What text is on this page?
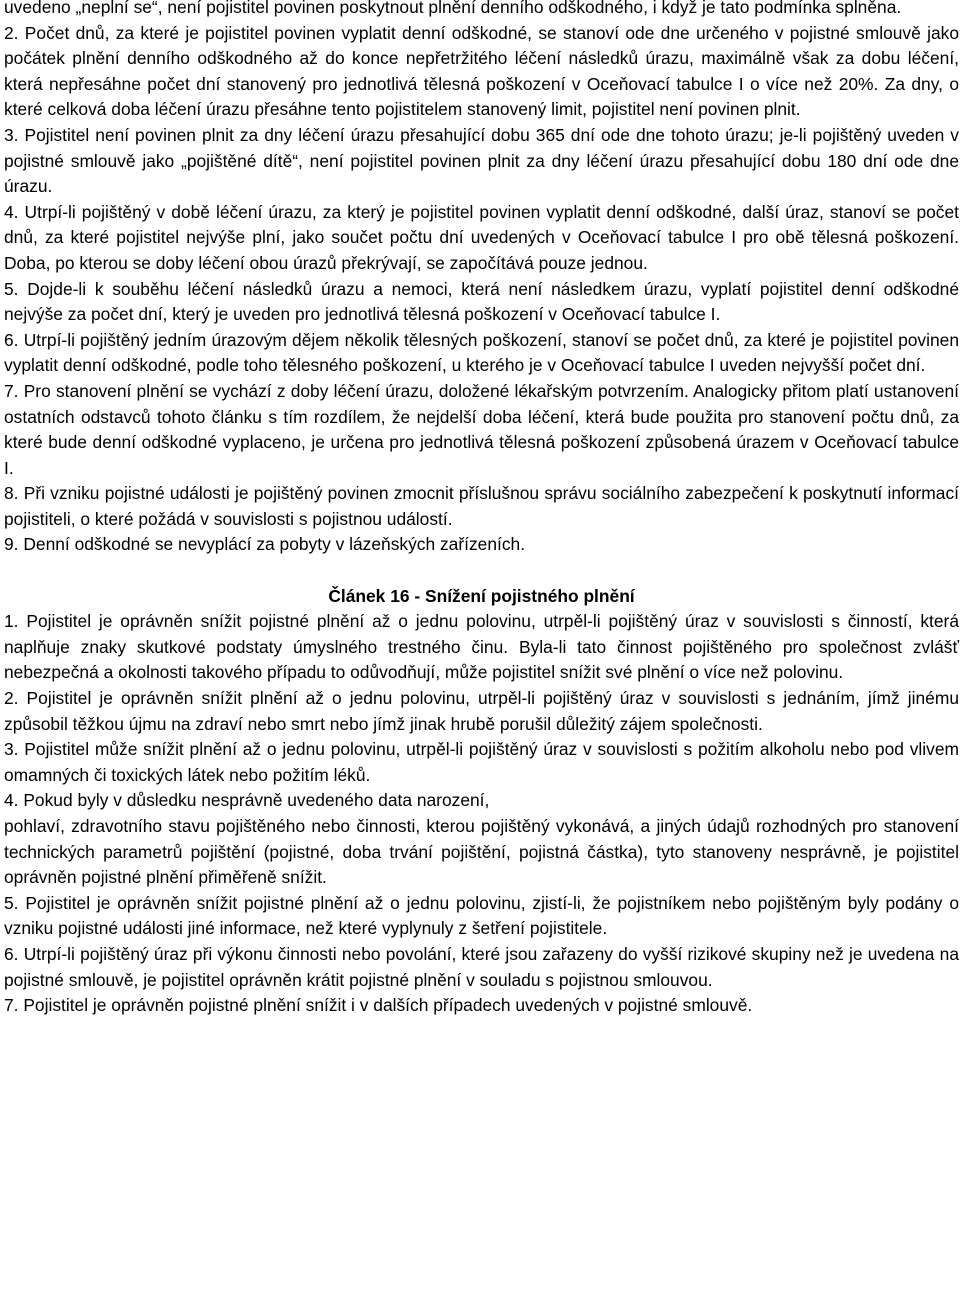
uvedeno „neplní se“, není pojistitel povinen poskytnout plnění denního odškodného, i když je tato podmínka splněna.

2. Počet dnů, za které je pojistitel povinen vyplatit denní odškodné, se stanoví ode dne určeného v pojistné smlouvě jako počátek plnění denního odškodného až do konce nepřetržitého léčení následků úrazu, maximálně však za dobu léčení, která nepřesáhne počet dní stanovený pro jednotlivá tělesná poškození v Oceňovací tabulce I o více než 20%. Za dny, o které celková doba léčení úrazu přesáhne tento pojistitelem stanovený limit, pojistitel není povinen plnit.

3. Pojistitel není povinen plnit za dny léčení úrazu přesahující dobu 365 dní ode dne tohoto úrazu; je-li pojištěný uveden v pojistné smlouvě jako „pojištěné dítě“, není pojistitel povinen plnit za dny léčení úrazu přesahující dobu 180 dní ode dne úrazu.

4. Utrpí-li pojištěný v době léčení úrazu, za který je pojistitel povinen vyplatit denní odškodné, další úraz, stanoví se počet dnů, za které pojistitel nejvýše plní, jako součet počtu dní uvedených v Oceňovací tabulce I pro obě tělesná poškození. Doba, po kterou se doby léčení obou úrazů překrývají, se započítává pouze jednou.

5. Dojde-li k souběhu léčení následků úrazu a nemoci, která není následkem úrazu, vyplatí pojistitel denní odškodné nejvýše za počet dní, který je uveden pro jednotlivá tělesná poškození v Oceňovací tabulce I.

6. Utrpí-li pojištěný jedním úrazovým dějem několik tělesných poškození, stanoví se počet dnů, za které je pojistitel povinen vyplatit denní odškodné, podle toho tělesného poškození, u kterého je v Oceňovací tabulce I uveden nejvyšší počet dní.

7. Pro stanovení plnění se vychází z doby léčení úrazu, doložené lékařským potvrzením. Analogicky přitom platí ustanovení ostatních odstavců tohoto článku s tím rozdílem, že nejdelší doba léčení, která bude použita pro stanovení počtu dnů, za které bude denní odškodné vyplaceno, je určena pro jednotlivá tělesná poškození způsobená úrazem v Oceňovací tabulce I.

8. Při vzniku pojistné události je pojištěný povinen zmocnit příslušnou správu sociálního zabezpečení k poskytnutí informací pojistiteli, o které požádá v souvislosti s pojistnou událostí.

9. Denní odškodné se nevyplácí za pobyty v lázeňských zařízeních.

Článek 16 - Snížení pojistného plnění

1. Pojistitel je oprávněn snížit pojistné plnění až o jednu polovinu, utrpěl-li pojištěný úraz v souvislosti s činností, která naplňuje znaky skutkové podstaty úmyslného trestného činu. Byla-li tato činnost pojištěného pro společnost zvlášť nebezpečná a okolnosti takového případu to odůvodňují, může pojistitel snížit své plnění o více než polovinu.

2. Pojistitel je oprávněn snížit plnění až o jednu polovinu, utrpěl-li pojištěný úraz v souvislosti s jednáním, jímž jinému způsobil těžkou újmu na zdraví nebo smrt nebo jímž jinak hrubě porušil důležitý zájem společnosti.

3. Pojistitel může snížit plnění až o jednu polovinu, utrpěl-li pojištěný úraz v souvislosti s požitím alkoholu nebo pod vlivem omamných či toxických látek nebo požitím léků.

4. Pokud byly v důsledku nesprávně uvedeného data narození,

pohlaví, zdravotního stavu pojištěného nebo činnosti, kterou pojištěný vykonává, a jiných údajů rozhodných pro stanovení technických parametrů pojištění (pojistné, doba trvání pojištění, pojistná částka), tyto stanoveny nesprávně, je pojistitel oprávněn pojistné plnění přiměřeně snížit.

5. Pojistitel je oprávněn snížit pojistné plnění až o jednu polovinu, zjistí-li, že pojistníkem nebo pojištěným byly podány o vzniku pojistné události jiné informace, než které vyplynuly z šetření pojistitele.

6. Utrpí-li pojištěný úraz při výkonu činnosti nebo povolání, které jsou zařazeny do vyšší rizikové skupiny než je uvedena na pojistné smlouvě, je pojistitel oprávněn krátit pojistné plnění v souladu s pojistnou smlouvou.

7. Pojistitel je oprávněn pojistné plnění snížit i v dalších případech uvedených v pojistné smlouvě.
